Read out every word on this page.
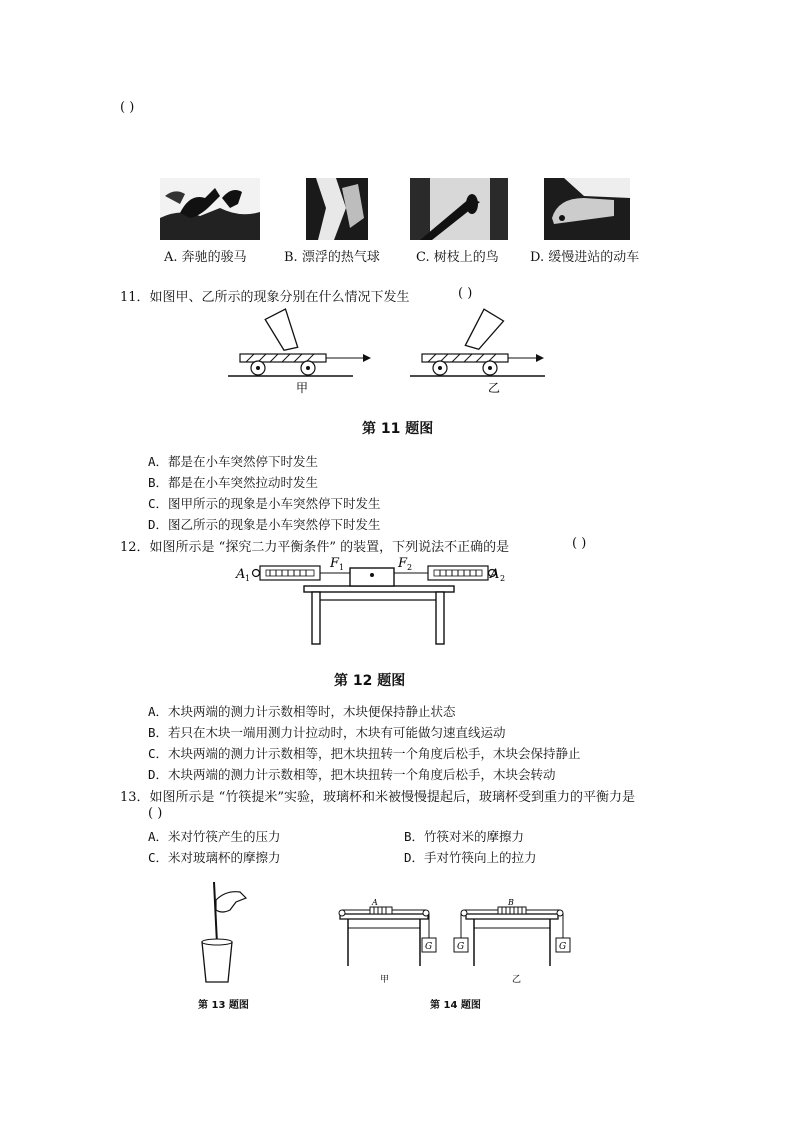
( )
A. 奔驰的骏马	B. 漂浮的热气球	C. 树枝上的鸟 D. 缓慢进站的动车
11．如图甲、乙所示的现象分别在什么情况下发生	( )
甲	乙
第 11 题图
A．都是在小车突然停下时发生
B．都是在小车突然拉动时发生
C．图甲所示的现象是小车突然停下时发生
D．图乙所示的现象是小车突然停下时发生
12．如图所示是 “探究二力平衡条件” 的装置，下列说法不正确的是	( )
A 1	A 2
F 1	F 2
第 12 题图
A．木块两端的测力计示数相等时，木块便保持静止状态
B．若只在木块一端用测力计拉动时，木块有可能做匀速直线运动
C．木块两端的测力计示数相等，把木块扭转一个角度后松手，木块会保持静止
D．木块两端的测力计示数相等，把木块扭转一个角度后松手，木块会转动
13．如图所示是 “竹筷提米”实验，玻璃杯和米被慢慢提起后，玻璃杯受到重力的平衡力是
( )
A．米对竹筷产生的压力	B．竹筷对米的摩擦力
C．米对玻璃杯的摩擦力	D．手对竹筷向上的拉力
第 13 题图
G
A
G	G
B
甲	乙
第 14 题图
